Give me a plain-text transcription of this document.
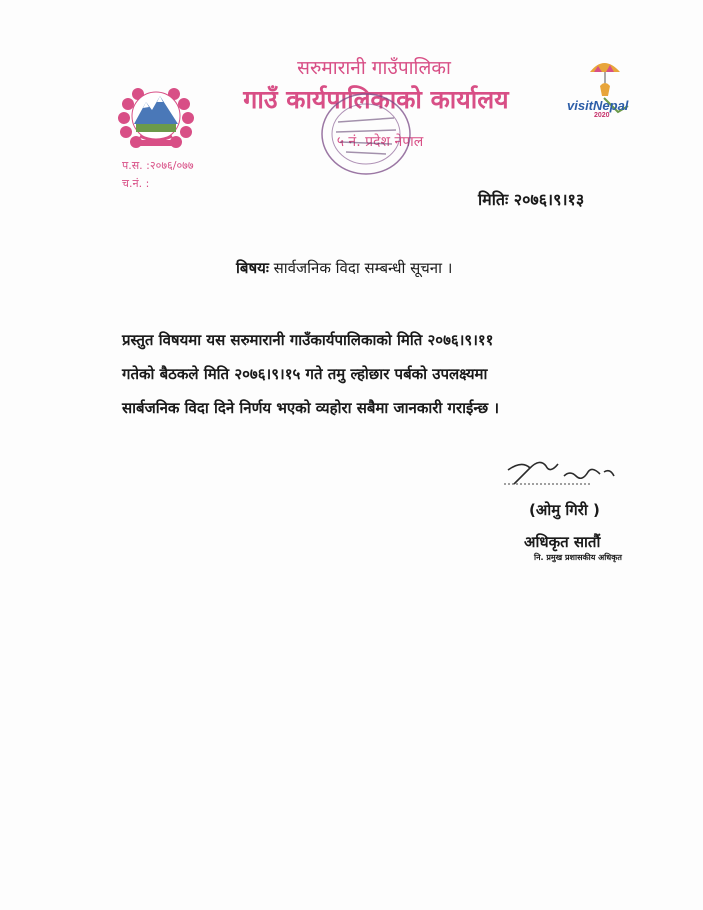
सरुमारानी गाउँपालिका
गाउँ कार्यपालिकाको कार्यालय
५ नं. प्रदेश नेपाल
visitNepal
2020
प.स. :२०७६/०७७
च.नं. :
मितिः २०७६।९।१३
बिषयः सार्वजनिक विदा सम्बन्धी सूचना ।
प्रस्तुत विषयमा यस सरुमारानी गाउँकार्यपालिकाको मिति २०७६।९।११
गतेको बैठकले मिति २०७६।९।१५ गते तमु ल्होछार पर्बको उपलक्ष्यमा
सार्बजनिक विदा दिने निर्णय भएको व्यहोरा सबैमा जानकारी गराईन्छ ।
(ओमु गिरी )
अधिकृत सातौं
नि. प्रमुख प्रशासकीय अधिकृत
